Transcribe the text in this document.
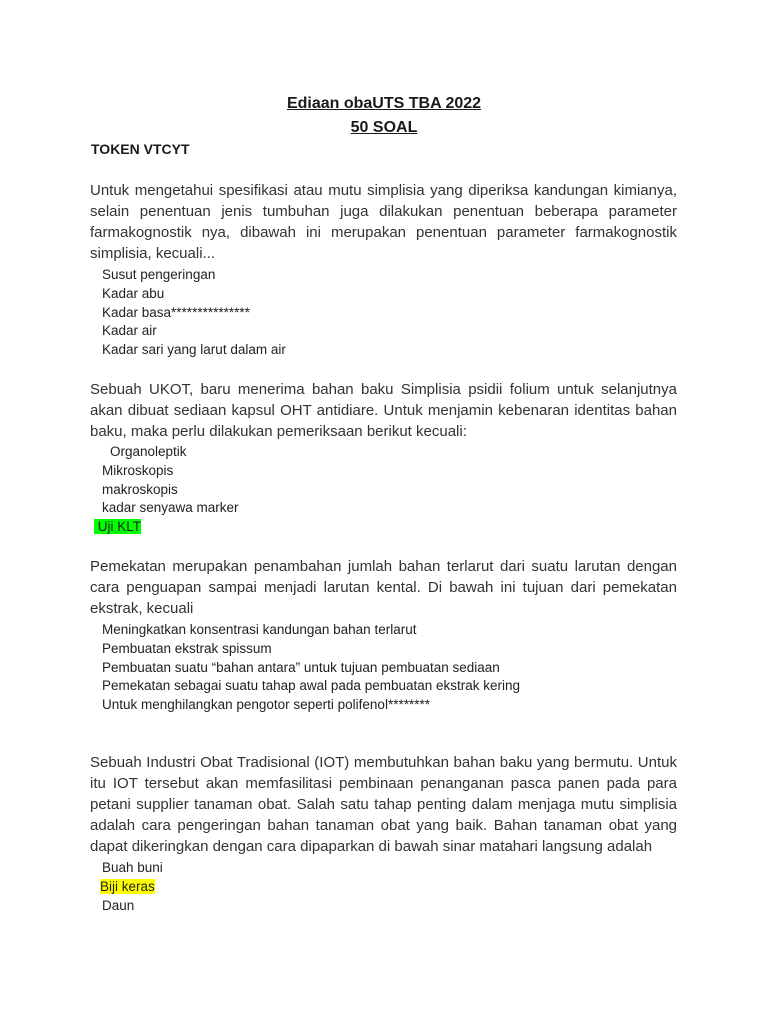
Ediaan obaUTS TBA 2022
50 SOAL
TOKEN VTCYT
Untuk mengetahui spesifikasi atau mutu simplisia yang diperiksa kandungan kimianya, selain penentuan jenis tumbuhan juga dilakukan penentuan beberapa parameter farmakognostik nya, dibawah ini merupakan penentuan parameter farmakognostik simplisia, kecuali...
Susut pengeringan
Kadar abu
Kadar basa***************
Kadar air
Kadar sari yang larut dalam air
Sebuah UKOT, baru menerima bahan baku Simplisia psidii folium untuk selanjutnya akan dibuat sediaan kapsul OHT antidiare. Untuk menjamin kebenaran identitas bahan baku, maka perlu dilakukan pemeriksaan berikut kecuali:
Organoleptik
Mikroskopis
makroskopis
kadar senyawa marker
Uji KLT
Pemekatan merupakan penambahan jumlah bahan terlarut dari suatu larutan dengan cara penguapan sampai menjadi larutan kental. Di bawah ini tujuan dari pemekatan ekstrak, kecuali
Meningkatkan konsentrasi kandungan bahan terlarut
Pembuatan ekstrak spissum
Pembuatan suatu “bahan antara” untuk tujuan pembuatan sediaan
Pemekatan sebagai suatu tahap awal pada pembuatan ekstrak kering
Untuk menghilangkan pengotor seperti polifenol********
Sebuah Industri Obat Tradisional (IOT) membutuhkan bahan baku yang bermutu. Untuk itu IOT tersebut akan memfasilitasi pembinaan penanganan pasca panen pada para petani supplier tanaman obat. Salah satu tahap penting dalam menjaga mutu simplisia adalah cara pengeringan bahan tanaman obat yang baik. Bahan tanaman obat yang dapat dikeringkan dengan cara dipaparkan di bawah sinar matahari langsung adalah
Buah buni
Biji keras
Daun
